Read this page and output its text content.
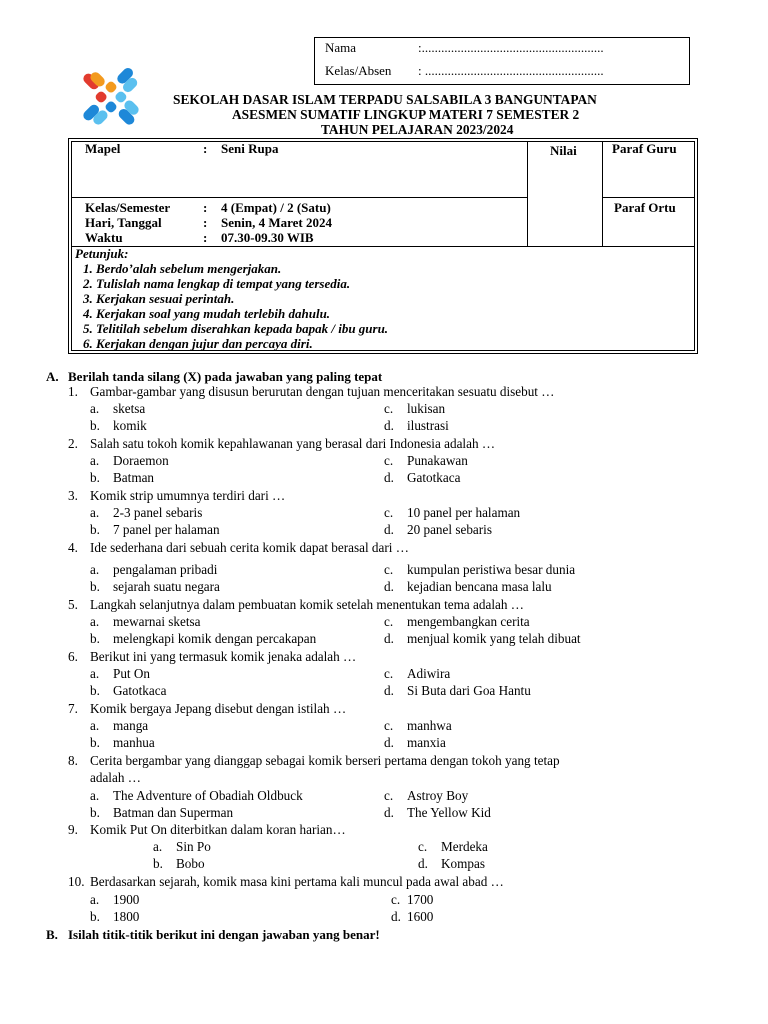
Nama	:........................................................
Kelas/Absen : .......................................................
SEKOLAH DASAR ISLAM TERPADU SALSABILA 3 BANGUNTAPAN
ASESMEN SUMATIF LINGKUP MATERI 7 SEMESTER 2
TAHUN PELAJARAN 2023/2024
Mapel	: Seni Rupa	Nilai	Paraf Guru
Kelas/Semester	: 4 (Empat) / 2 (Satu)	Paraf Ortu
Hari, Tanggal	: Senin, 4 Maret 2024
Waktu	: 07.30-09.30 WIB
Petunjuk:
1. Berdo’alah sebelum mengerjakan.
2. Tulislah nama lengkap di tempat yang tersedia.
3. Kerjakan sesuai perintah.
4. Kerjakan soal yang mudah terlebih dahulu.
5. Telitilah sebelum diserahkan kepada bapak / ibu guru.
6. Kerjakan dengan jujur dan percaya diri.
A. Berilah tanda silang (X) pada jawaban yang paling tepat
1. Gambar-gambar yang disusun berurutan dengan tujuan menceritakan sesuatu disebut …
a. sketsa
b. komik
c. lukisan
d. ilustrasi
2. Salah satu tokoh komik kepahlawanan yang berasal dari Indonesia adalah …
a. Doraemon
b. Batman
c. Punakawan
d. Gatotkaca
3. Komik strip umumnya terdiri dari …
a. 2-3 panel sebaris
b. 7 panel per halaman
c. 10 panel per halaman
d. 20 panel sebaris
4. Ide sederhana dari sebuah cerita komik dapat berasal dari …
a. pengalaman pribadi
b. sejarah suatu negara
c. kumpulan peristiwa besar dunia
d. kejadian bencana masa lalu
5. Langkah selanjutnya dalam pembuatan komik setelah menentukan tema adalah …
a. mewarnai sketsa
b. melengkapi komik dengan percakapan
c. mengembangkan cerita
d. menjual komik yang telah dibuat
6. Berikut ini yang termasuk komik jenaka adalah …
a. Put On
b. Gatotkaca
c. Adiwira
d. Si Buta dari Goa Hantu
7. Komik bergaya Jepang disebut dengan istilah …
a. manga
b. manhua
c. manhwa
d. manxia
8. Cerita bergambar yang dianggap sebagai komik berseri pertama dengan tokoh yang tetap
adalah …
a. The Adventure of Obadiah Oldbuck
b. Batman dan Superman
c. Astroy Boy
d. The Yellow Kid
9. Komik Put On diterbitkan dalam koran harian…
a. Sin Po
b. Bobo
c. Merdeka
d. Kompas
10. Berdasarkan sejarah, komik masa kini pertama kali muncul pada awal abad …
a. 1900
b. 1800
c. 1700
d. 1600
B. Isilah titik-titik berikut ini dengan jawaban yang benar!
